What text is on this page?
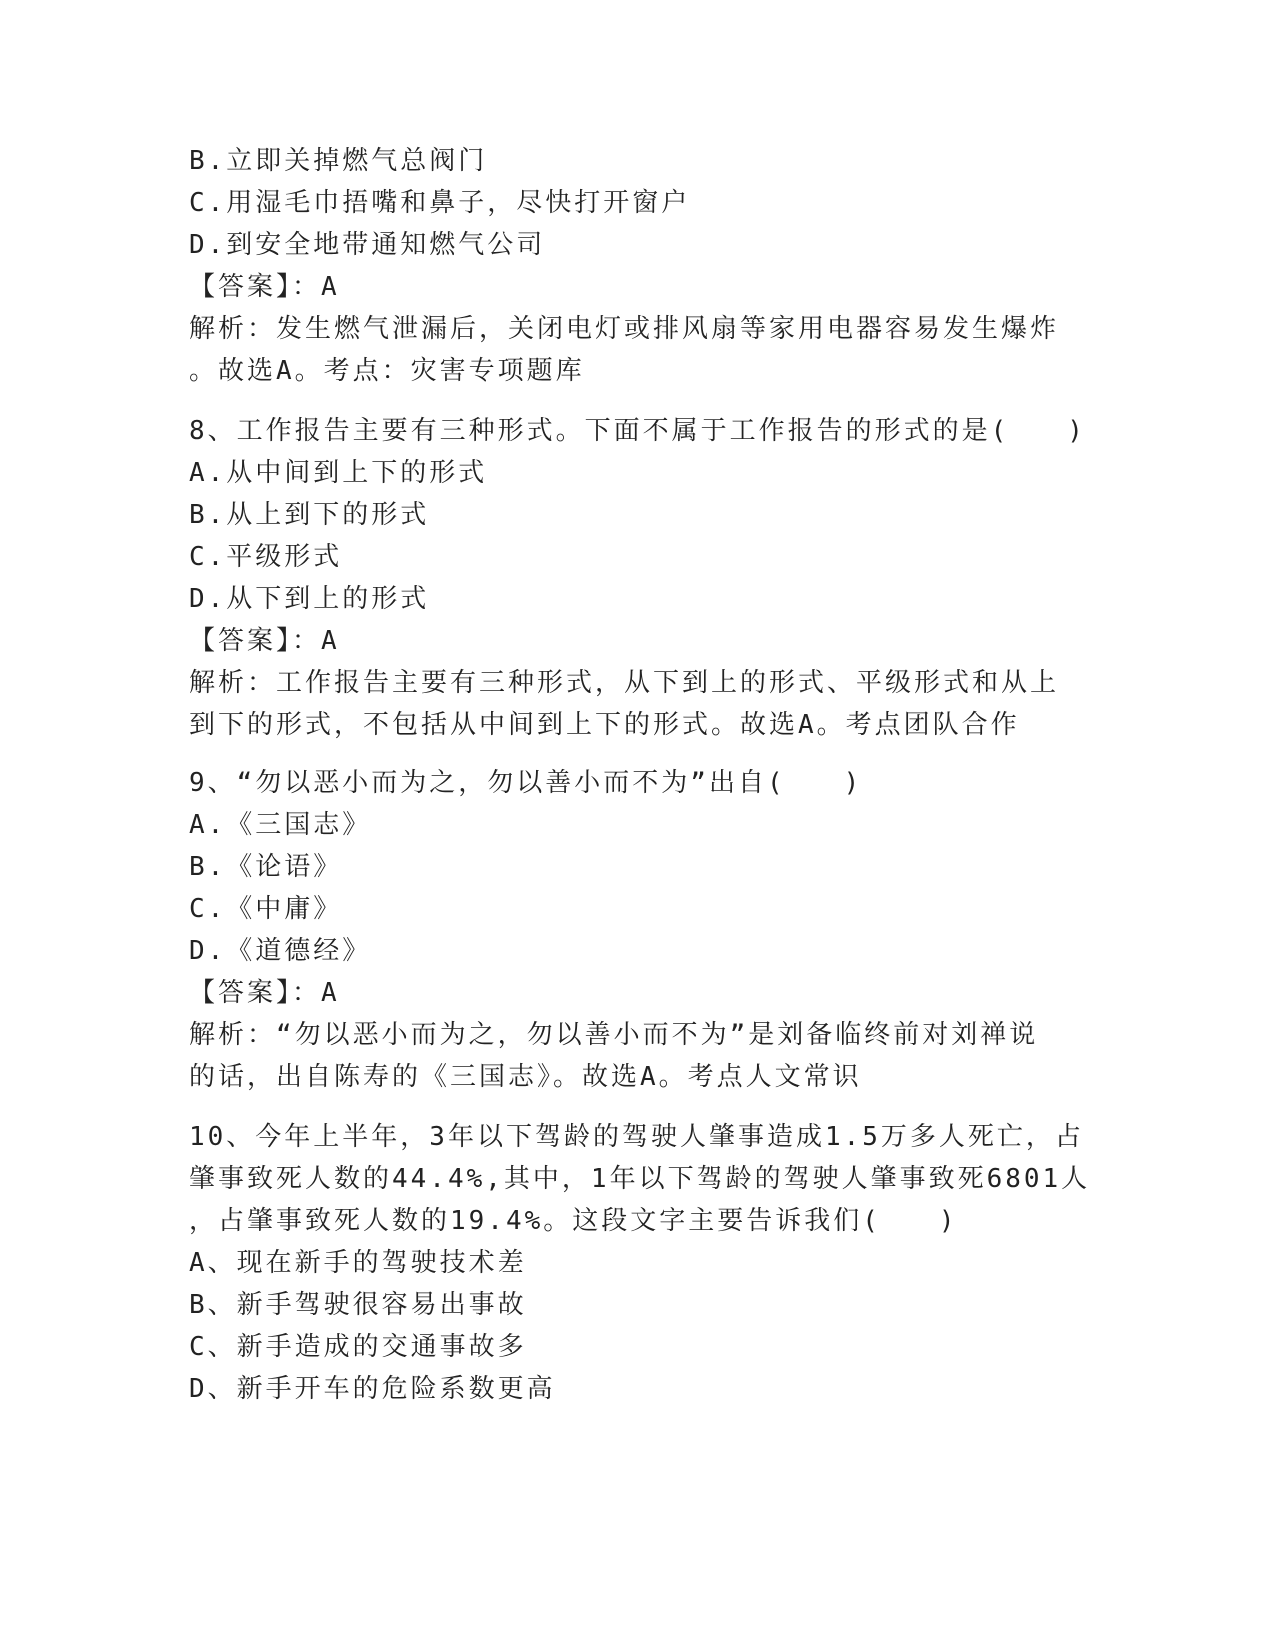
B.立即关掉燃气总阀门
C.用湿毛巾捂嘴和鼻子，尽快打开窗户
D.到安全地带通知燃气公司
【答案】：A
解析：发生燃气泄漏后，关闭电灯或排风扇等家用电器容易发生爆炸
。故选A。考点：灾害专项题库
8、工作报告主要有三种形式。下面不属于工作报告的形式的是(　　)
A.从中间到上下的形式
B.从上到下的形式
C.平级形式
D.从下到上的形式
【答案】：A
解析：工作报告主要有三种形式，从下到上的形式、平级形式和从上
到下的形式，不包括从中间到上下的形式。故选A。考点团队合作
9、“勿以恶小而为之，勿以善小而不为”出自(　　)
A.《三国志》
B.《论语》
C.《中庸》
D.《道德经》
【答案】：A
解析：“勿以恶小而为之，勿以善小而不为”是刘备临终前对刘禅说
的话，出自陈寿的《三国志》。故选A。考点人文常识
10、今年上半年，3年以下驾龄的驾驶人肇事造成1.5万多人死亡，占
肇事致死人数的44.4%,其中，1年以下驾龄的驾驶人肇事致死6801人
，占肇事致死人数的19.4%。这段文字主要告诉我们(　　)
A、现在新手的驾驶技术差
B、新手驾驶很容易出事故
C、新手造成的交通事故多
D、新手开车的危险系数更高
